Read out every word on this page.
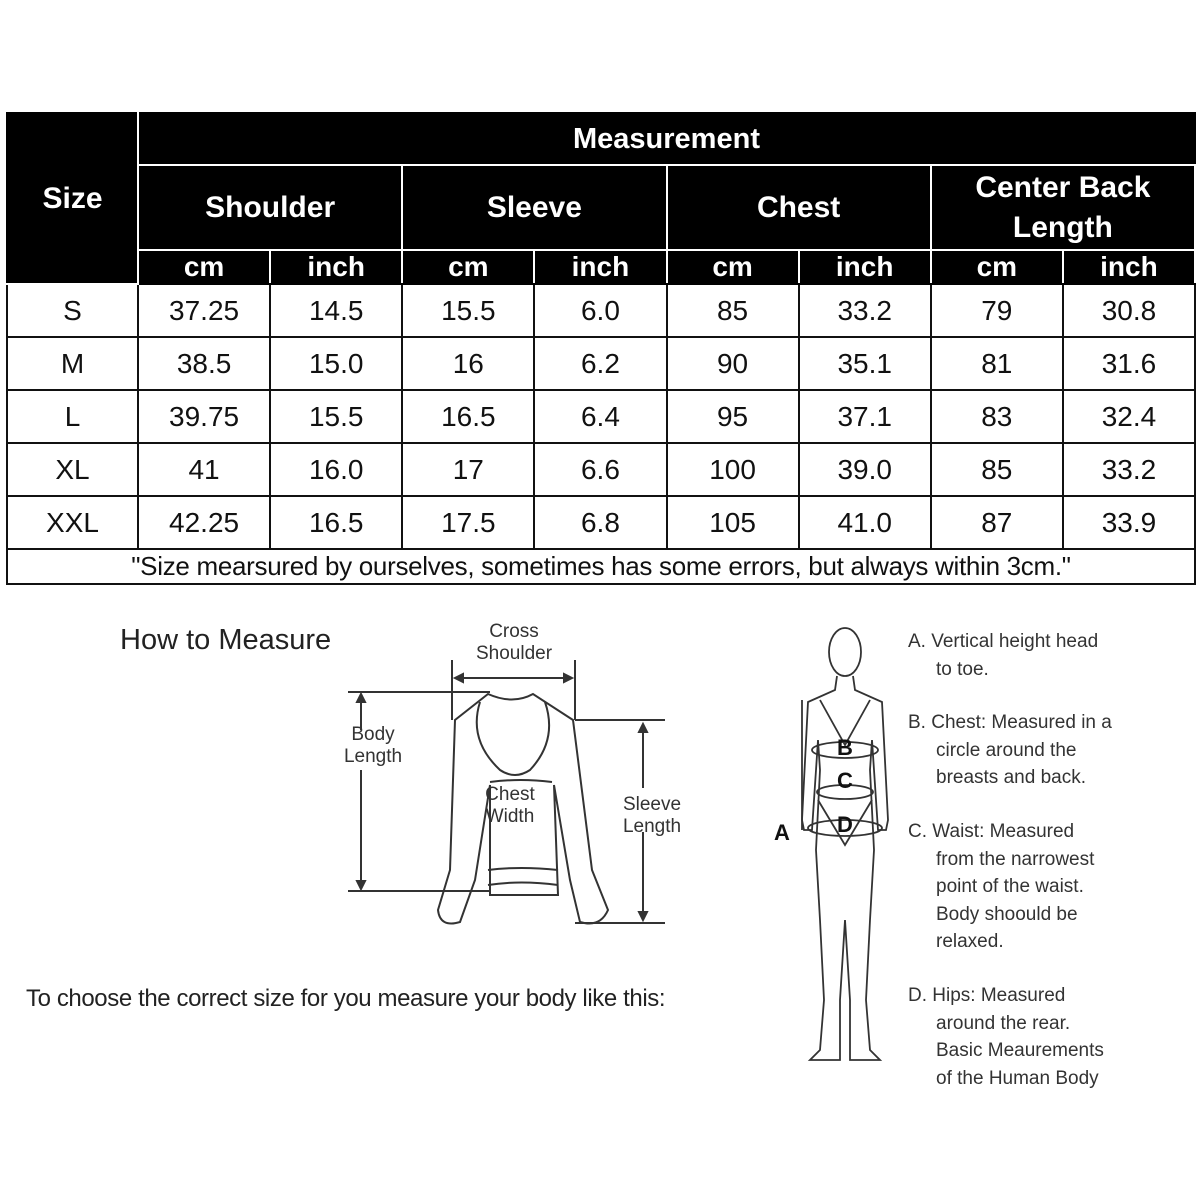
Size	Measurement							
	Shoulder		Sleeve		Chest		Center Back Length	
	cm	inch	cm	inch	cm	inch	cm	inch
S	37.25	14.5	15.5	6.0	85	33.2	79	30.8
M	38.5	15.0	16	6.2	90	35.1	81	31.6
L	39.75	15.5	16.5	6.4	95	37.1	83	32.4
XL	41	16.0	17	6.6	100	39.0	85	33.2
XXL	42.25	16.5	17.5	6.8	105	41.0	87	33.9
"Size mearsured by ourselves, sometimes has some errors, but always within 3cm."								
How to Measure	Cross Shoulder
Body Length
Chest Width
Sleeve Length
To choose the correct size for you measure your body like this:
A
B
C
D
A. Vertical height head
to toe.
B. Chest: Measured in a
circle around the
breasts and back.
C. Waist: Measured
from the narrowest
point of the waist.
Body shoould be
relaxed.
D. Hips: Measured
around the rear.
Basic Meaurements
of the Human Body
